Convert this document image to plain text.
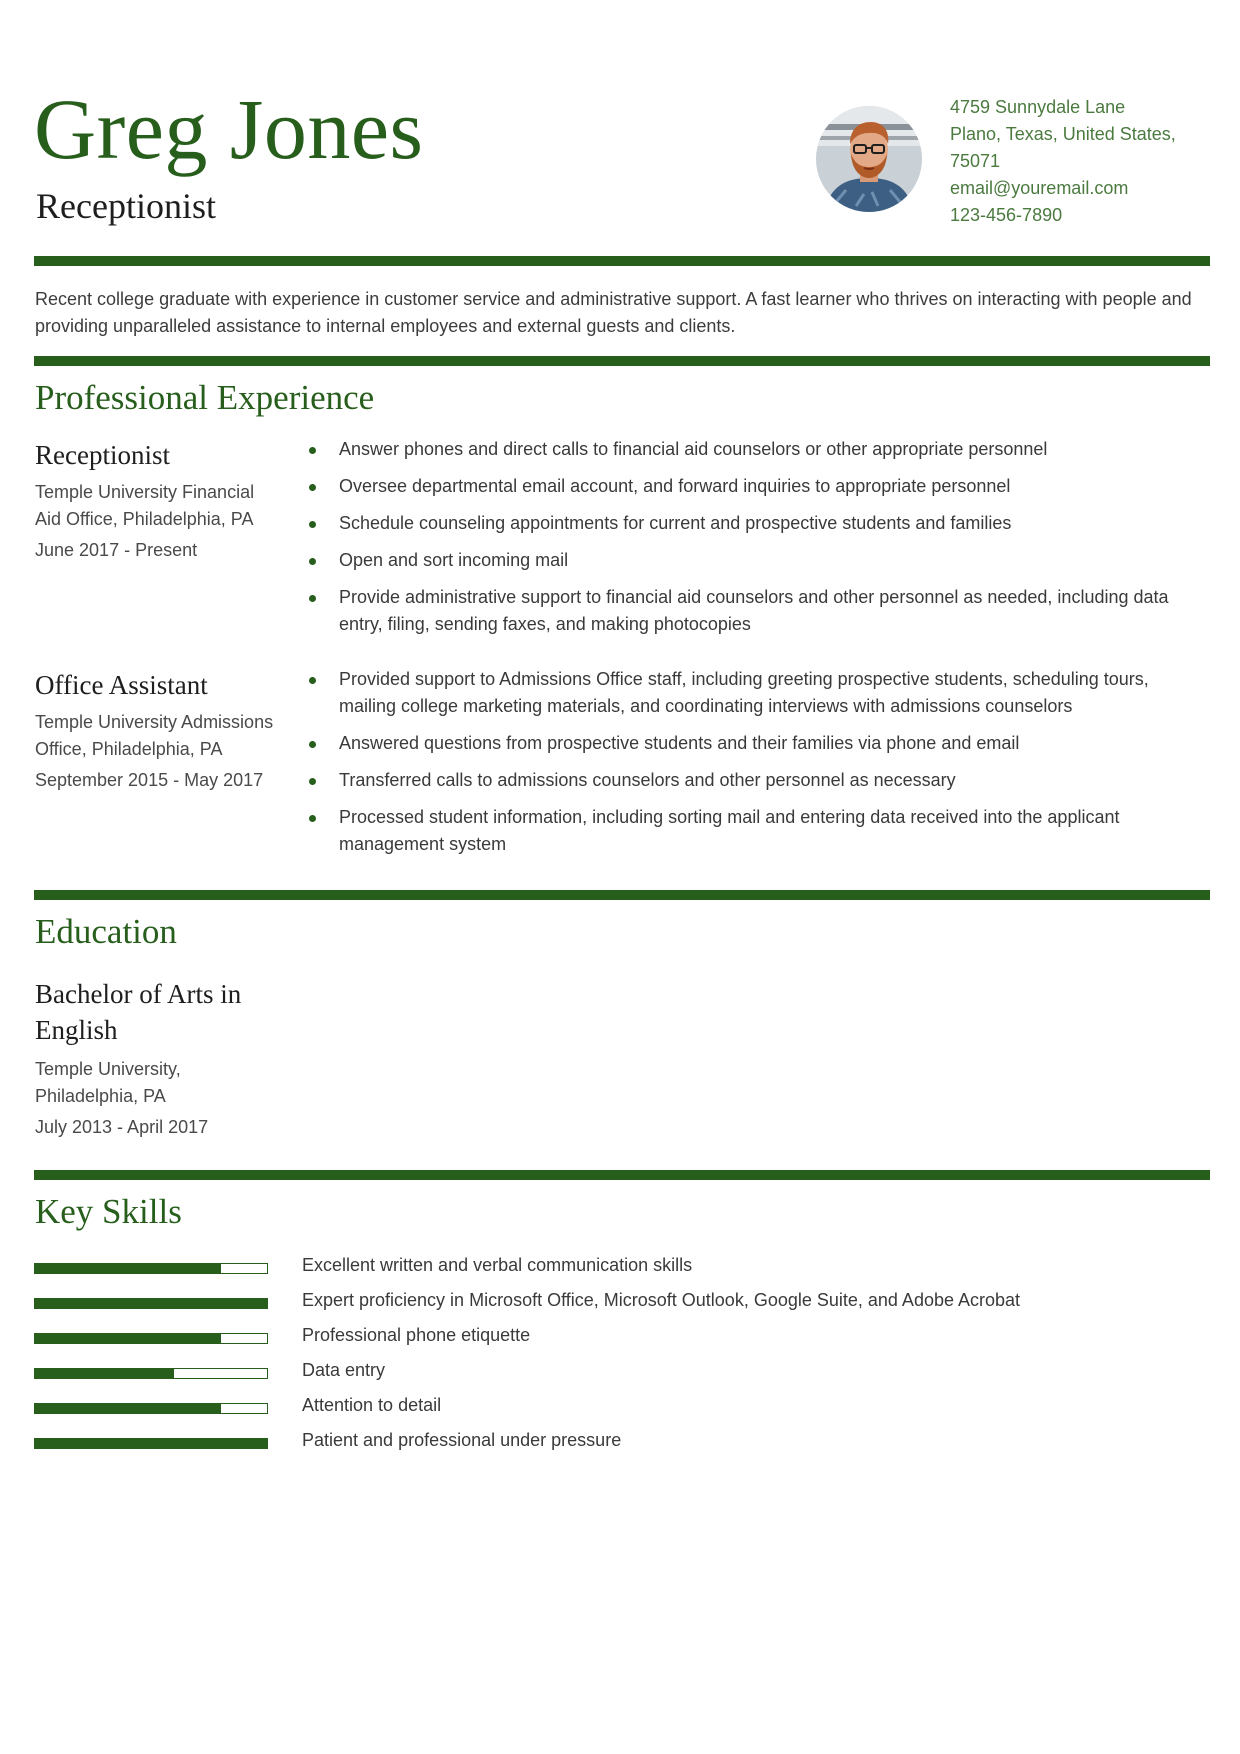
Greg Jones
Receptionist
4759 Sunnydale Lane
Plano, Texas, United States,
75071
email@youremail.com
123-456-7890
Recent college graduate with experience in customer service and administrative support. A fast learner who thrives on interacting with people and providing unparalleled assistance to internal employees and external guests and clients.
Professional Experience
Receptionist
Temple University Financial
Aid Office, Philadelphia, PA
June 2017 - Present
Answer phones and direct calls to financial aid counselors or other appropriate personnel
Oversee departmental email account, and forward inquiries to appropriate personnel
Schedule counseling appointments for current and prospective students and families
Open and sort incoming mail
Provide administrative support to financial aid counselors and other personnel as needed, including data entry, filing, sending faxes, and making photocopies
Office Assistant
Temple University Admissions
Office, Philadelphia, PA
September 2015 - May 2017
Provided support to Admissions Office staff, including greeting prospective students, scheduling tours, mailing college marketing materials, and coordinating interviews with admissions counselors
Answered questions from prospective students and their families via phone and email
Transferred calls to admissions counselors and other personnel as necessary
Processed student information, including sorting mail and entering data received into the applicant management system
Education
Bachelor of Arts in English
Temple University,
Philadelphia, PA
July 2013 - April 2017
Key Skills
Excellent written and verbal communication skills
Expert proficiency in Microsoft Office, Microsoft Outlook, Google Suite, and Adobe Acrobat
Professional phone etiquette
Data entry
Attention to detail
Patient and professional under pressure
